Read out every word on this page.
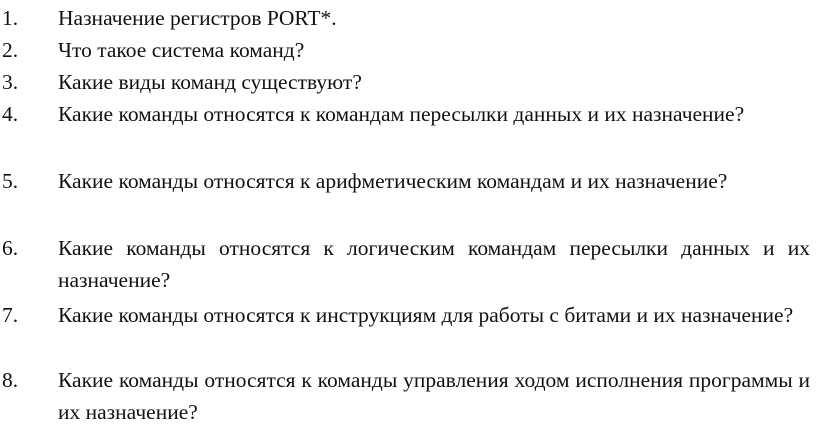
1. Назначение регистров PORT*.
2. Что такое система команд?
3. Какие виды команд существуют?
4. Какие команды относятся к командам пересылки данных и их назначение?
5. Какие команды относятся к арифметическим командам и их назначение?
6. Какие команды относятся к логическим командам пересылки данных и их назначение?
7. Какие команды относятся к инструкциям для работы с битами и их назначение?
8. Какие команды относятся к команды управления ходом исполнения программы и их назначение?
